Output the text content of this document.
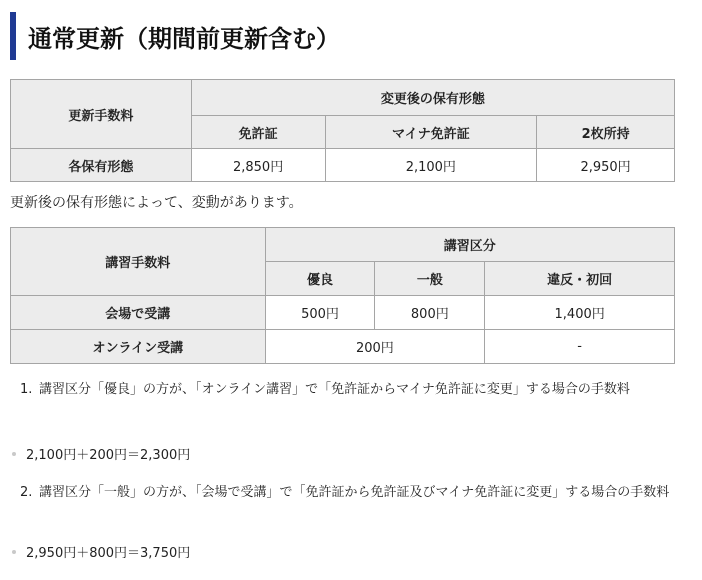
通常更新（期間前更新含む）
更新手数料	変更後の保有形態		
	免許証	マイナ免許証	2枚所持
各保有形態	2,850円	2,100円	2,950円
更新後の保有形態によって、変動があります。
講習手数料	講習区分		
	優良	一般	違反・初回
会場で受講	500円	800円	1,400円
オンライン受講	200円		-
1. 講習区分「優良」の方が、「オンライン講習」で「免許証からマイナ免許証に変更」する場合の手数料
2,100円＋200円＝2,300円
2. 講習区分「一般」の方が、「会場で受講」で「免許証から免許証及びマイナ免許証に変更」する場合の手数料
2,950円＋800円＝3,750円
